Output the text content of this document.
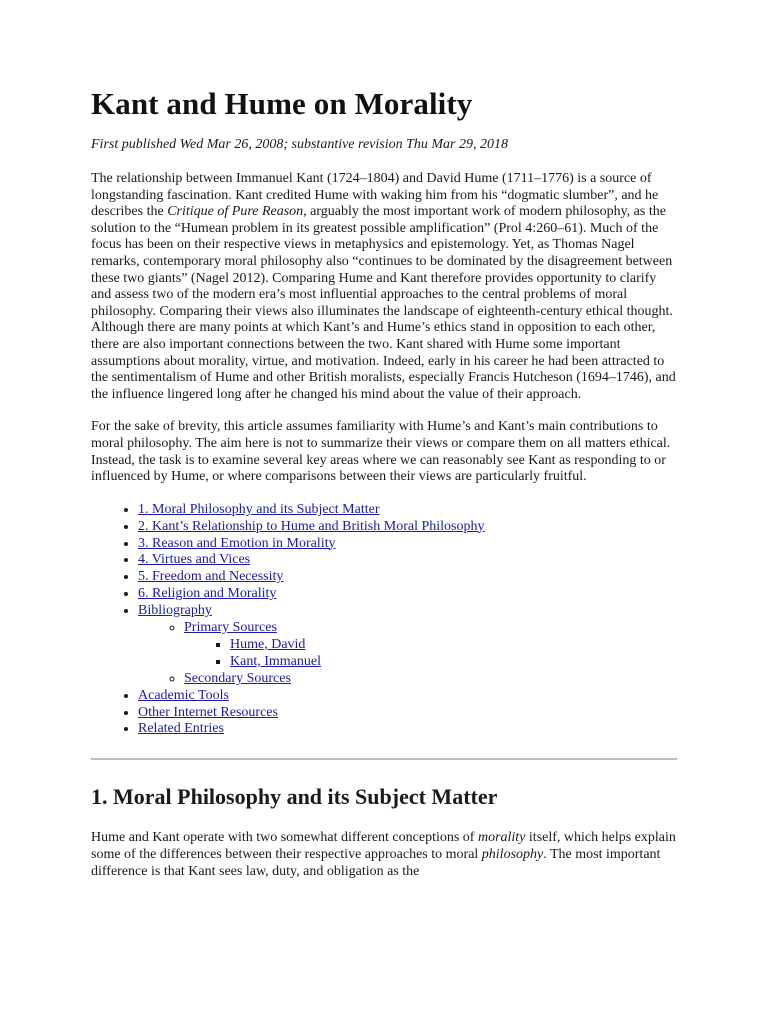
Kant and Hume on Morality

First published Wed Mar 26, 2008; substantive revision Thu Mar 29, 2018

The relationship between Immanuel Kant (1724–1804) and David Hume (1711–1776) is a source of longstanding fascination. Kant credited Hume with waking him from his “dogmatic slumber”, and he describes the Critique of Pure Reason, arguably the most important work of modern philosophy, as the solution to the “Humean problem in its greatest possible amplification” (Prol 4:260–61). Much of the focus has been on their respective views in metaphysics and epistemology. Yet, as Thomas Nagel remarks, contemporary moral philosophy also “continues to be dominated by the disagreement between these two giants” (Nagel 2012). Comparing Hume and Kant therefore provides opportunity to clarify and assess two of the modern era’s most influential approaches to the central problems of moral philosophy. Comparing their views also illuminates the landscape of eighteenth-century ethical thought. Although there are many points at which Kant’s and Hume’s ethics stand in opposition to each other, there are also important connections between the two. Kant shared with Hume some important assumptions about morality, virtue, and motivation. Indeed, early in his career he had been attracted to the sentimentalism of Hume and other British moralists, especially Francis Hutcheson (1694–1746), and the influence lingered long after he changed his mind about the value of their approach.

For the sake of brevity, this article assumes familiarity with Hume’s and Kant’s main contributions to moral philosophy. The aim here is not to summarize their views or compare them on all matters ethical. Instead, the task is to examine several key areas where we can reasonably see Kant as responding to or influenced by Hume, or where comparisons between their views are particularly fruitful.

• 1. Moral Philosophy and its Subject Matter
• 2. Kant’s Relationship to Hume and British Moral Philosophy
• 3. Reason and Emotion in Morality
• 4. Virtues and Vices
• 5. Freedom and Necessity
• 6. Religion and Morality
• Bibliography
◦ Primary Sources
▪ Hume, David
▪ Kant, Immanuel
◦ Secondary Sources
• Academic Tools
• Other Internet Resources
• Related Entries
1. Moral Philosophy and its Subject Matter

Hume and Kant operate with two somewhat different conceptions of morality itself, which helps explain some of the differences between their respective approaches to moral philosophy. The most important difference is that Kant sees law, duty, and obligation as the
